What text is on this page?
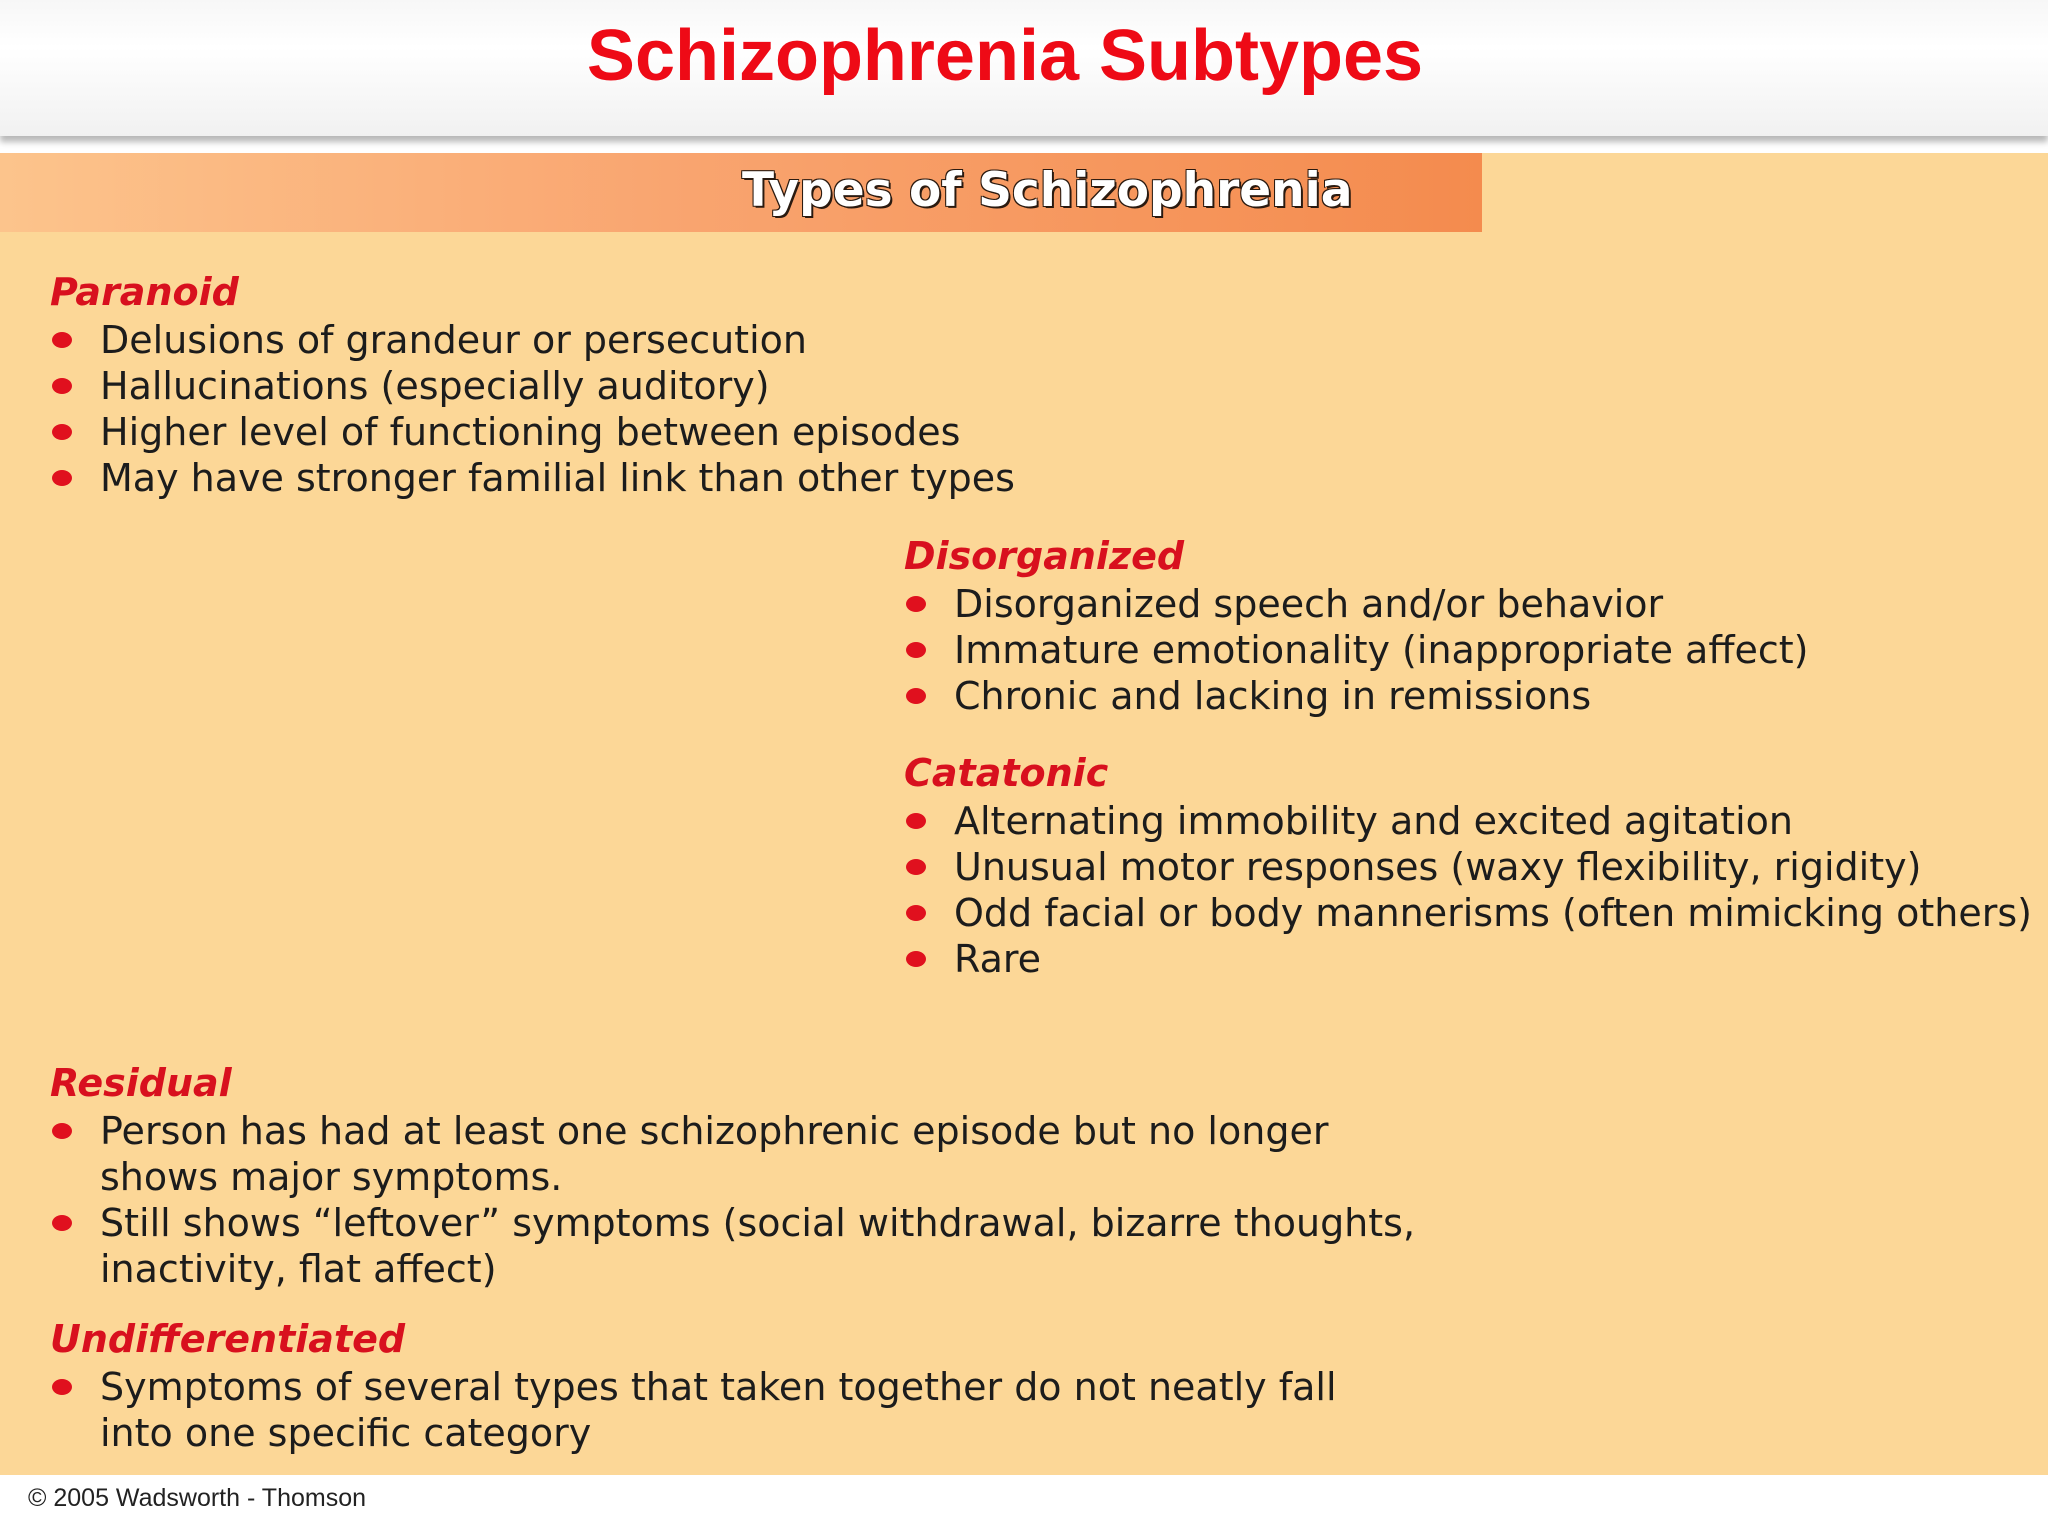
Schizophrenia Subtypes
Types of Schizophrenia
Paranoid
Delusions of grandeur or persecution
Hallucinations (especially auditory)
Higher level of functioning between episodes
May have stronger familial link than other types
Disorganized
Disorganized speech and/or behavior
Immature emotionality (inappropriate affect)
Chronic and lacking in remissions
Catatonic
Alternating immobility and excited agitation
Unusual motor responses (waxy flexibility, rigidity)
Odd facial or body mannerisms (often mimicking others)
Rare
Residual
Person has had at least one schizophrenic episode but no longer shows major symptoms.
Still shows “leftover” symptoms (social withdrawal, bizarre thoughts, inactivity, flat affect)
Undifferentiated
Symptoms of several types that taken together do not neatly fall into one specific category
© 2005 Wadsworth - Thomson
